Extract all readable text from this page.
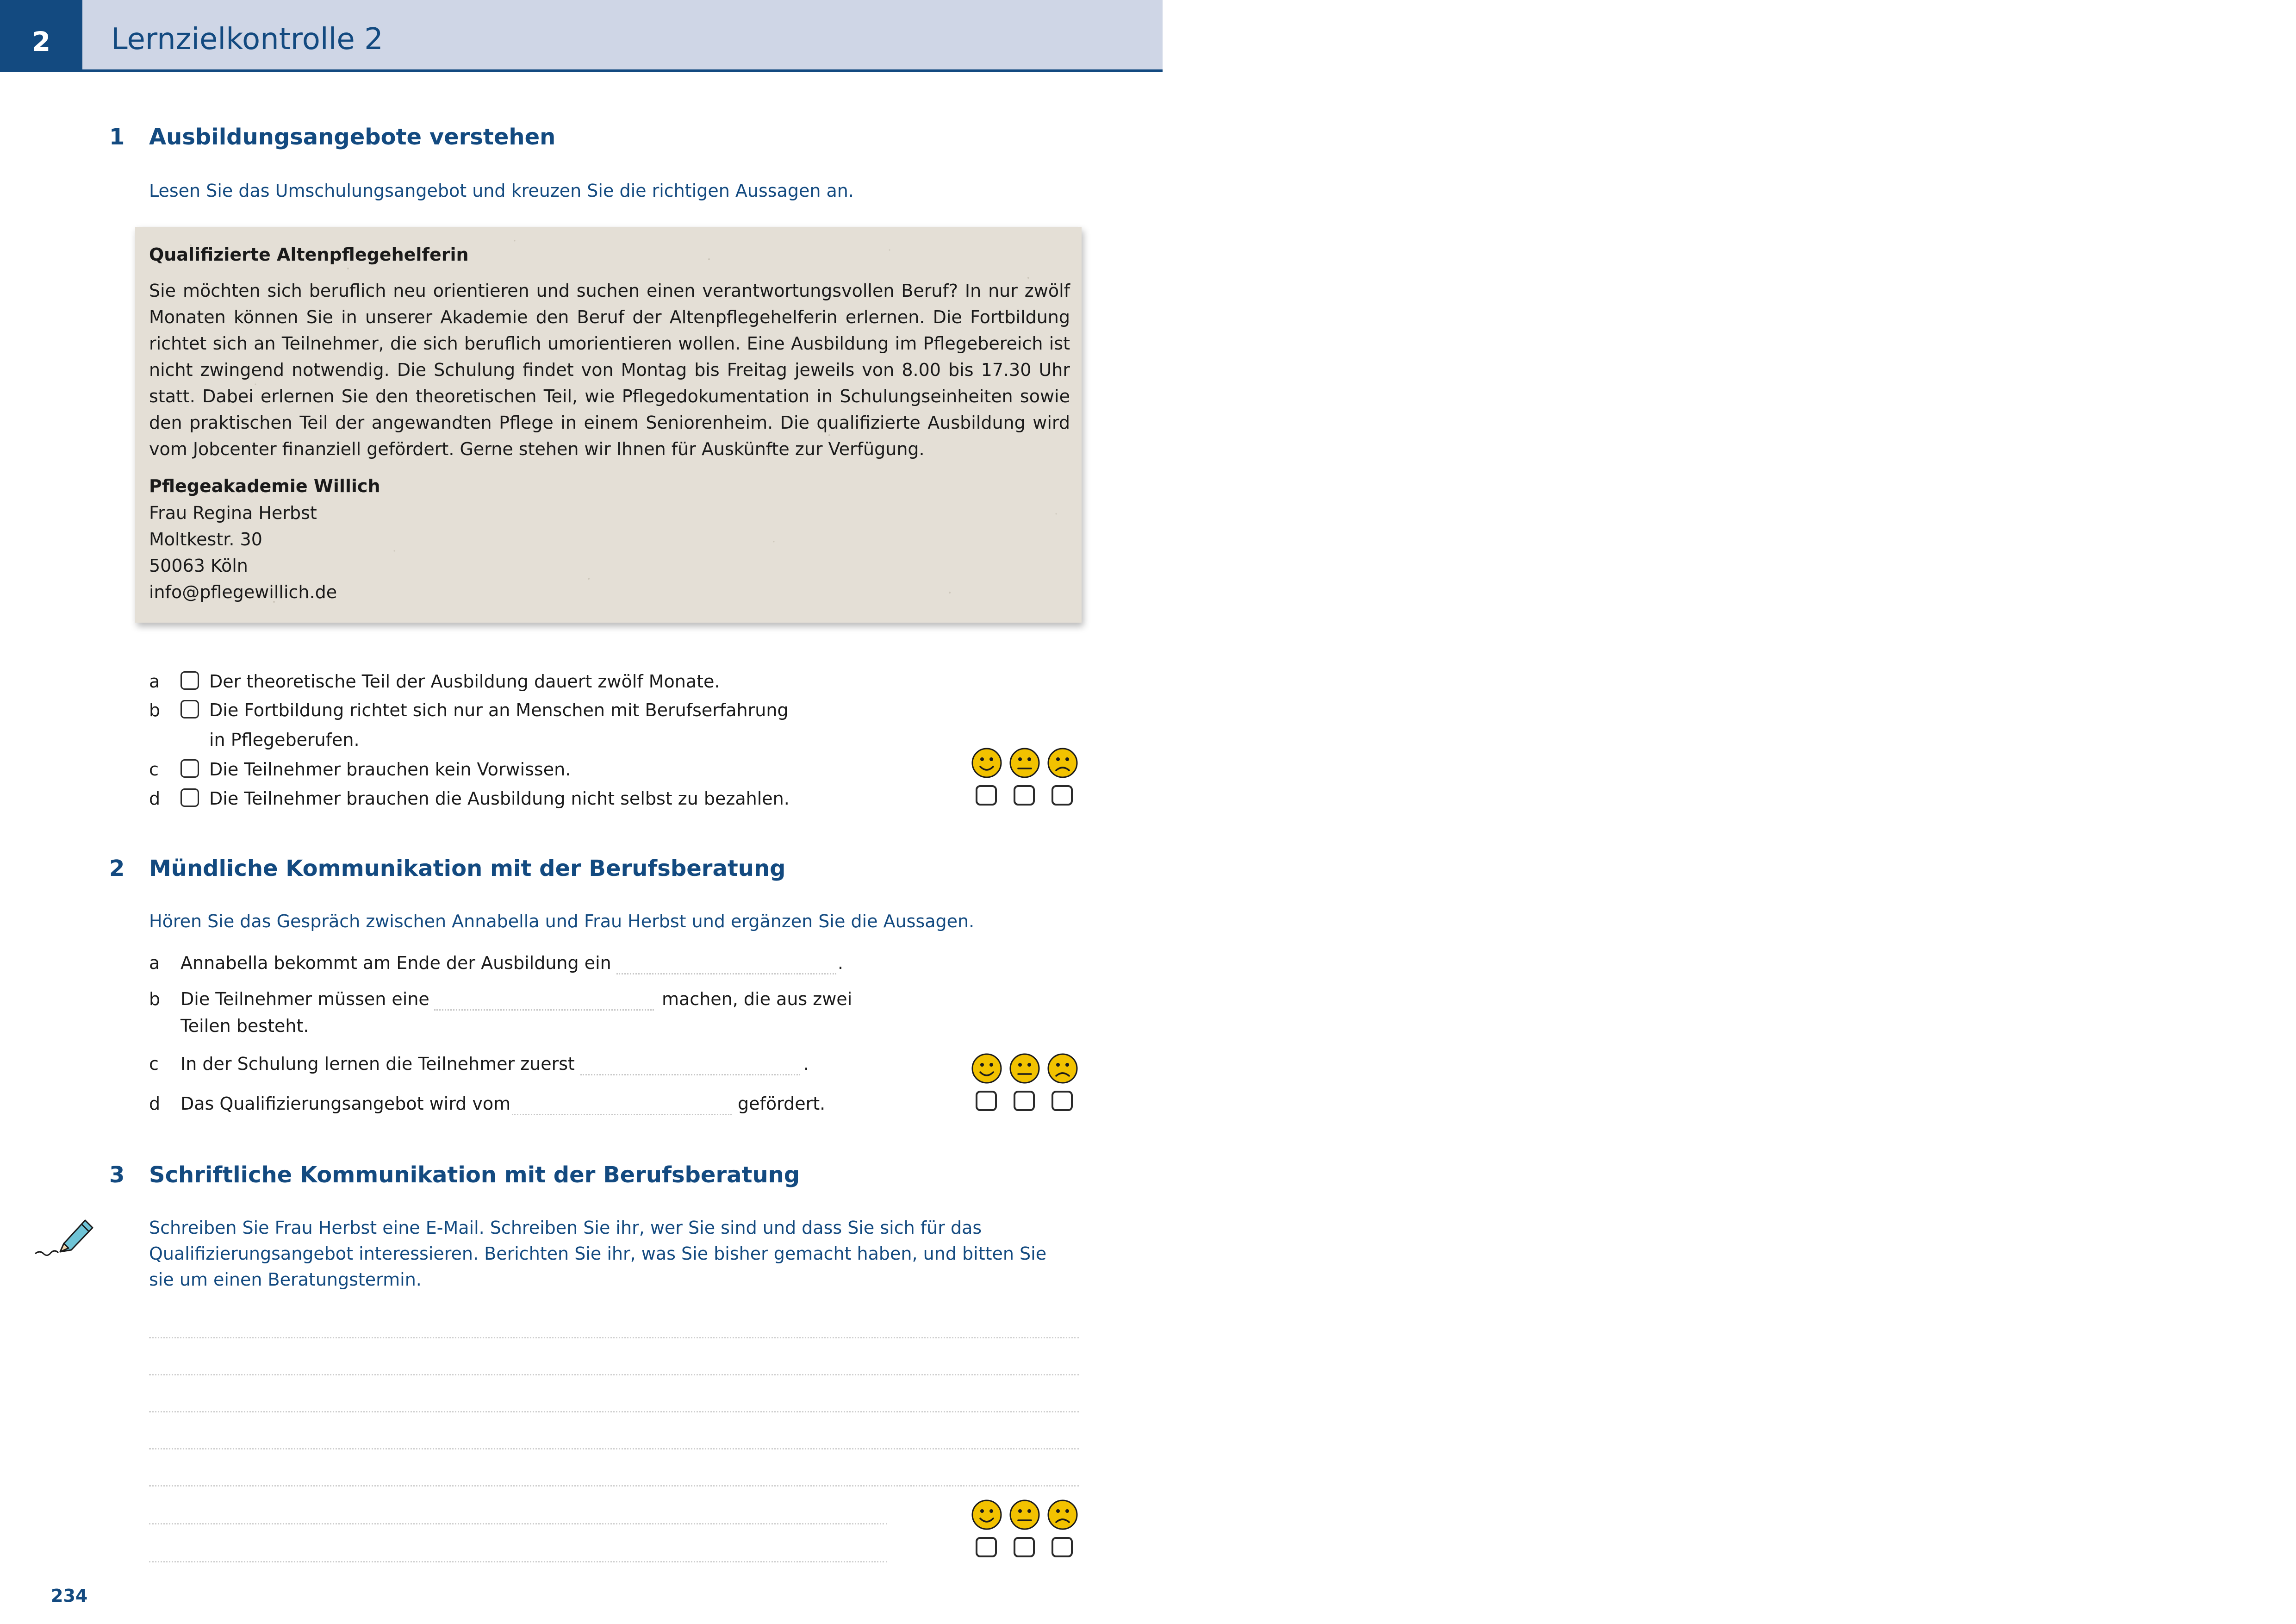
2	Lernzielkontrolle 2
1 Ausbildungsangebote verstehen
Lesen Sie das Umschulungsangebot und kreuzen Sie die richtigen Aussagen an.
Qualifizierte Altenpflegehelferin
Sie möchten sich beruflich neu orientieren und suchen einen verantwortungsvollen Beruf? In nur zwölf Monaten können Sie in unserer Akademie den Beruf der Altenpflegehelferin erlernen. Die Fortbildung richtet sich an Teilnehmer, die sich beruflich umorientieren wollen. Eine Ausbildung im Pflegebereich ist nicht zwingend notwendig. Die Schulung findet von Montag bis Freitag jeweils von 8.00 bis 17.30 Uhr statt. Dabei erlernen Sie den theoretischen Teil, wie Pflegedokumentation in Schulungseinheiten sowie den praktischen Teil der angewandten Pflege in einem Seniorenheim. Die qualifizierte Ausbildung wird vom Jobcenter finanziell gefördert. Gerne stehen wir Ihnen für Auskünfte zur Verfügung.
Pflegeakademie Willich
Frau Regina Herbst
Moltkestr. 30
50063 Köln
info@pflegewillich.de
a	Der theoretische Teil der Ausbildung dauert zwölf Monate.
b	Die Fortbildung richtet sich nur an Menschen mit Berufserfahrung
in Pflegeberufen.
c	Die Teilnehmer brauchen kein Vorwissen.
d	Die Teilnehmer brauchen die Ausbildung nicht selbst zu bezahlen.
2 Mündliche Kommunikation mit der Berufsberatung
Hören Sie das Gespräch zwischen Annabella und Frau Herbst und ergänzen Sie die Aussagen.
a Annabella bekommt am Ende der Ausbildung ein	.
b Die Teilnehmer müssen eine	machen, die aus zwei
Teilen besteht.
c In der Schulung lernen die Teilnehmer zuerst	.
d Das Qualifizierungsangebot wird vom	gefördert.
3 Schriftliche Kommunikation mit der Berufsberatung
Schreiben Sie Frau Herbst eine E-Mail. Schreiben Sie ihr, wer Sie sind und dass Sie sich für das
Qualifizierungsangebot interessieren. Berichten Sie ihr, was Sie bisher gemacht haben, und bitten Sie
sie um einen Beratungstermin.
234
